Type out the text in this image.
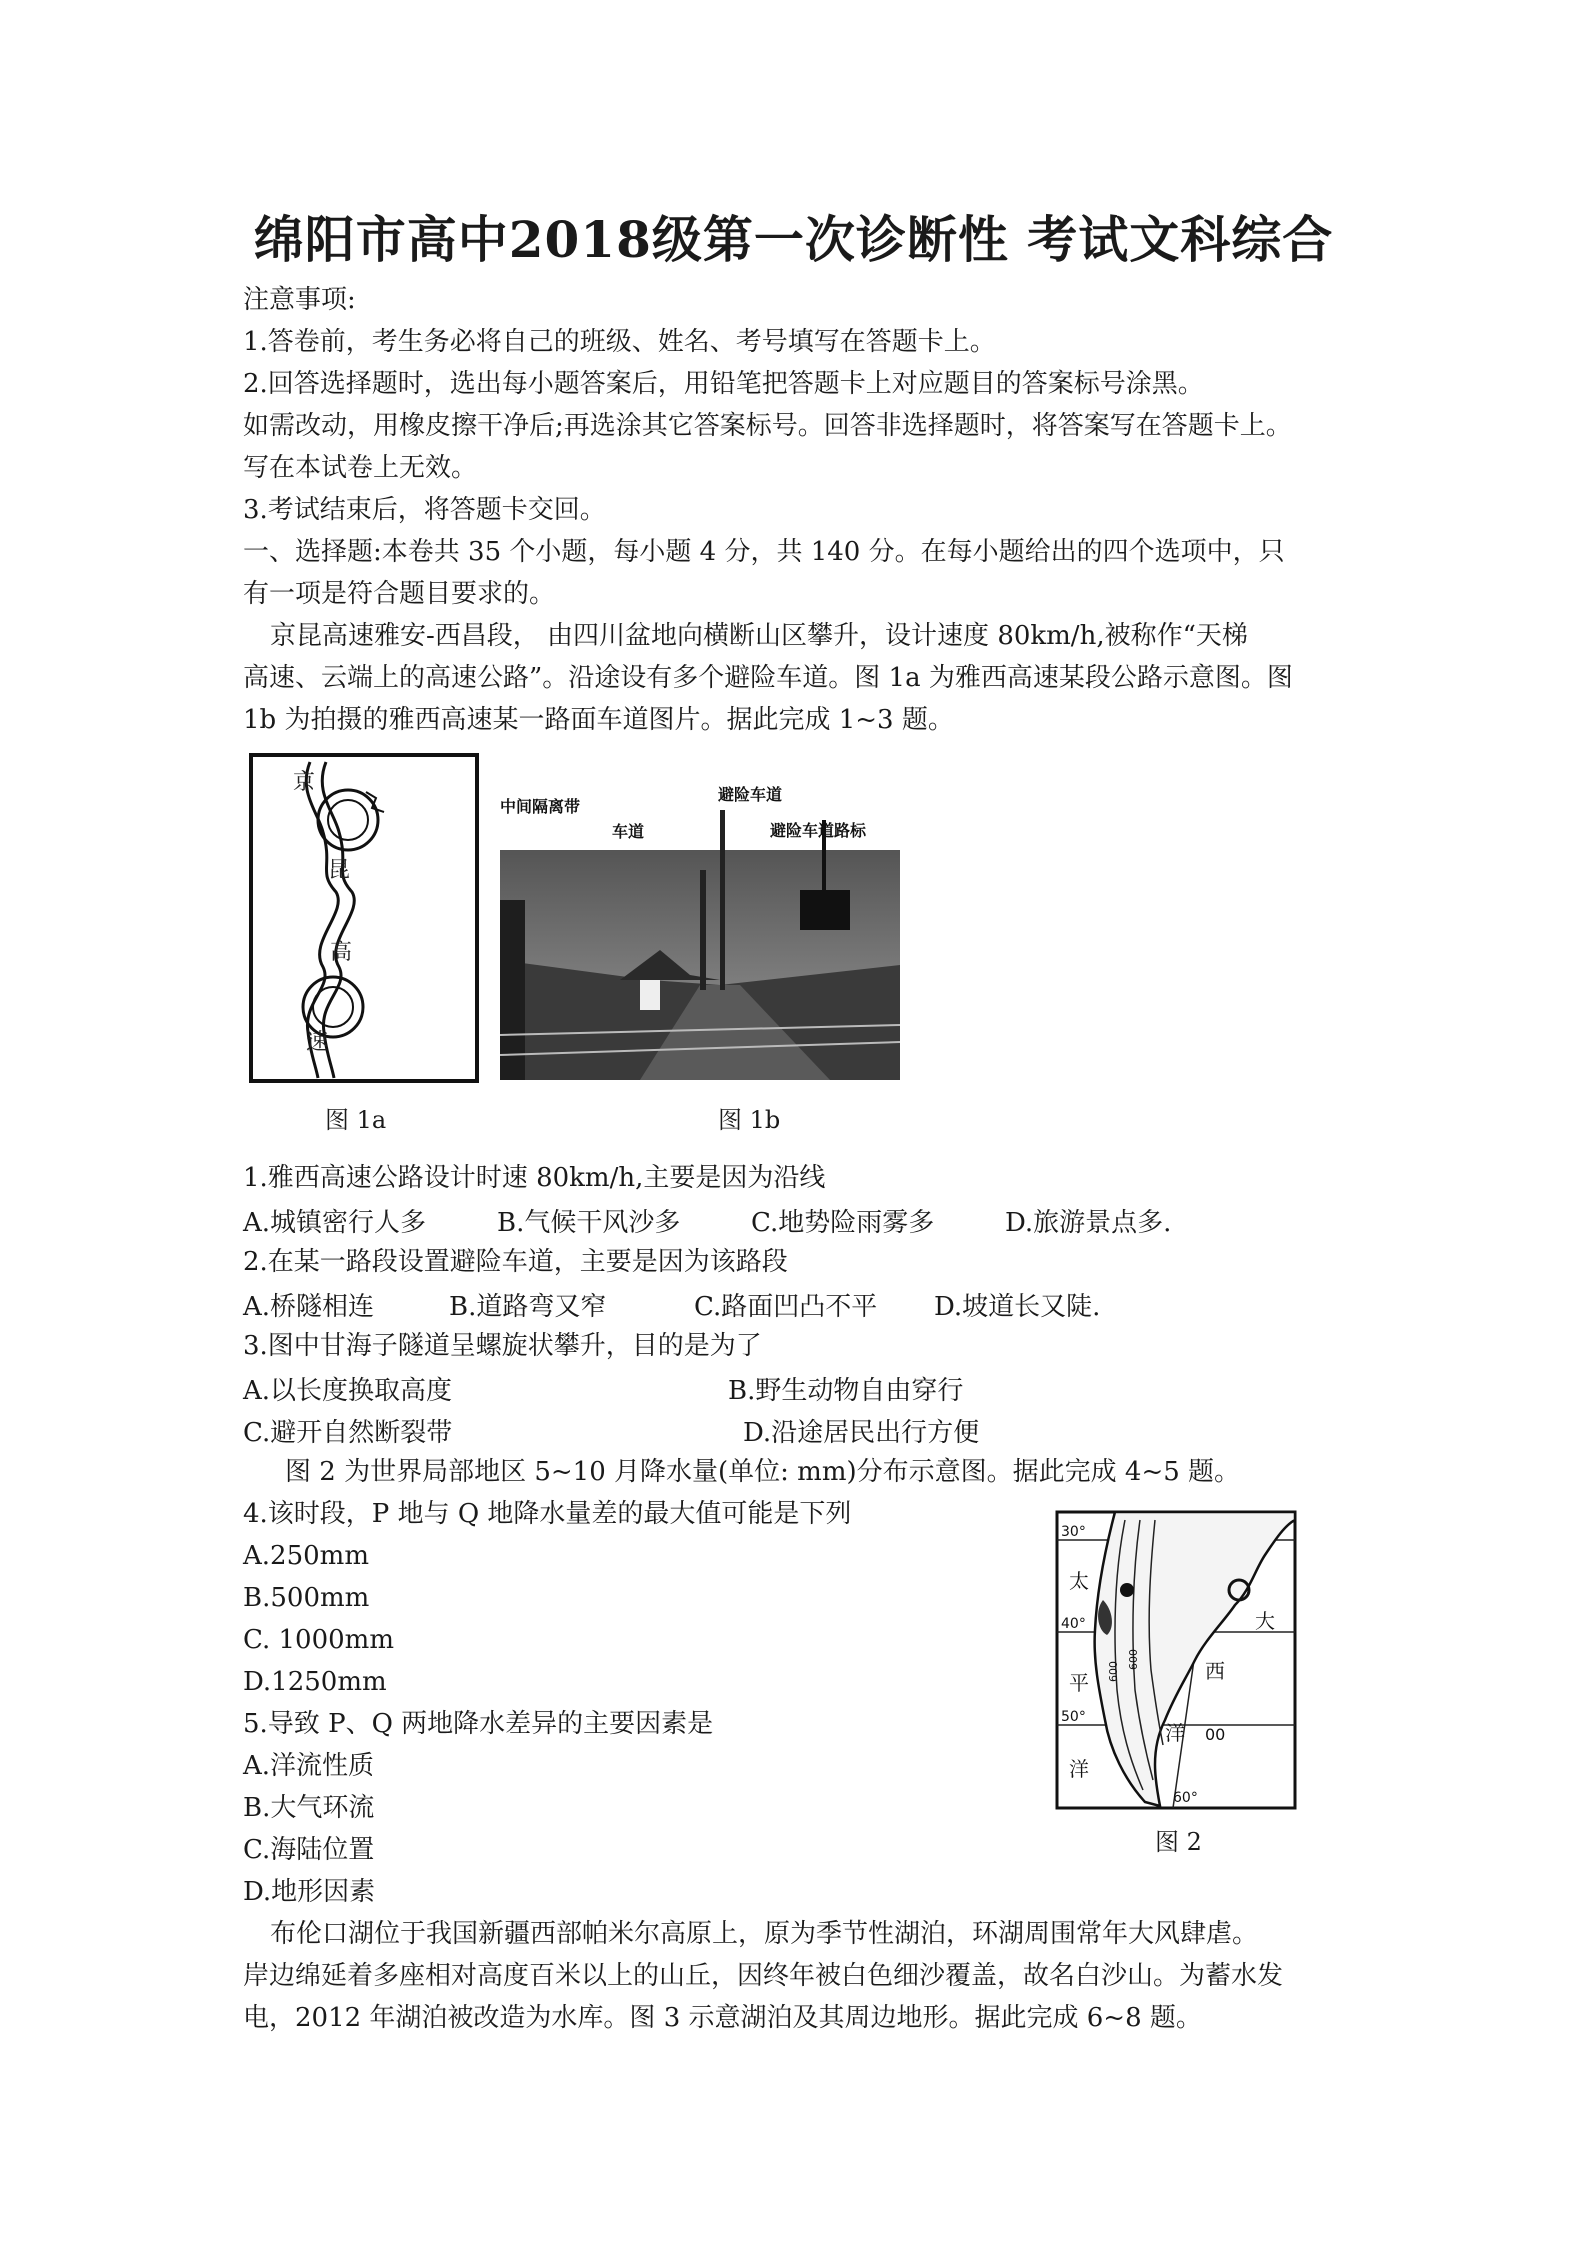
绵阳市高中2018级第一次诊断性 考试文科综合
注意事项:
1.答卷前，考生务必将自己的班级、姓名、考号填写在答题卡上。
2.回答选择题时，选出每小题答案后，用铅笔把答题卡上对应题目的答案标号涂黑。
如需改动，用橡皮擦干净后;再选涂其它答案标号。回答非选择题时，将答案写在答题卡上。
写在本试卷上无效。
3.考试结束后，将答题卡交回。
一、选择题:本卷共 35 个小题，每小题 4 分，共 140 分。在每小题给出的四个选项中，只
有一项是符合题目要求的。
京昆高速雅安-西昌段， 由四川盆地向横断山区攀升，设计速度 80km/h,被称作“天梯
高速、云端上的高速公路”。沿途设有多个避险车道。图 1a 为雅西高速某段公路示意图。图
1b 为拍摄的雅西高速某一路面车道图片。据此完成 1~3 题。
京
昆
高
速
图 1a
中间隔离带
车道
避险车道
避险车道路标
图 1b
1.雅西高速公路设计时速 80km/h,主要是因为沿线
A.城镇密行人多	B.气候干风沙多	C.地势险雨雾多	D.旅游景点多.
2.在某一路段设置避险车道，主要是因为该路段
A.桥隧相连	B.道路弯又窄	C.路面凹凸不平 D.坡道长又陡.
3.图中甘海子隧道呈螺旋状攀升，目的是为了
A.以长度换取高度	B.野生动物自由穿行
C.避开自然断裂带	D.沿途居民出行方便
图 2 为世界局部地区 5~10 月降水量(单位: mm)分布示意图。据此完成 4~5 题。
4.该时段，P 地与 Q 地降水量差的最大值可能是下列
A.250mm
B.500mm
C. 1000mm
D.1250mm
5.导致 P、Q 两地降水差异的主要因素是
A.洋流性质
B.大气环流
C.海陆位置
D.地形因素
30°
40°
50°
60°
太
平
洋
大
西
洋
600
600
00
图 2
布伦口湖位于我国新疆西部帕米尔高原上，原为季节性湖泊，环湖周围常年大风肆虐。
岸边绵延着多座相对高度百米以上的山丘，因终年被白色细沙覆盖，故名白沙山。为蓄水发
电，2012 年湖泊被改造为水库。图 3 示意湖泊及其周边地形。据此完成 6~8 题。
